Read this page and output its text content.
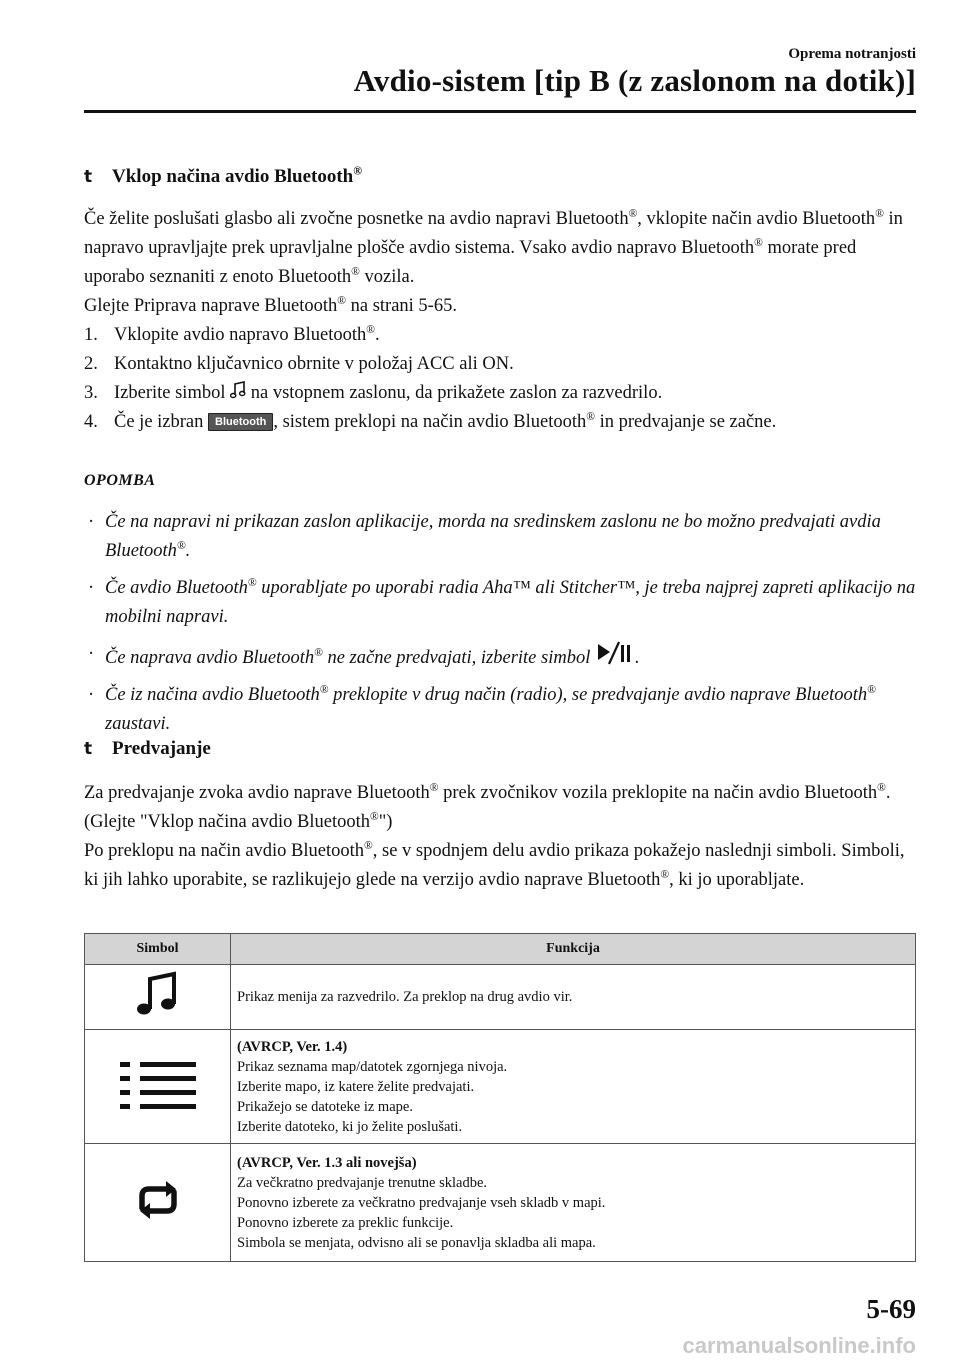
Oprema notranjosti
Avdio-sistem [tip B (z zaslonom na dotik)]
t	Vklop načina avdio Bluetooth®

Če želite poslušati glasbo ali zvočne posnetke na avdio napravi Bluetooth®, vklopite način avdio Bluetooth® in napravo upravljajte prek upravljalne plošče avdio sistema. Vsako avdio napravo Bluetooth® morate pred uporabo seznaniti z enoto Bluetooth® vozila.

Glejte Priprava naprave Bluetooth® na strani 5-65.

1. Vklopite avdio napravo Bluetooth®.
2. Kontaktno ključavnico obrnite v položaj ACC ali ON.
3. Izberite simbol  na vstopnem zaslonu, da prikažete zaslon za razvedrilo.
4. Če je izbran Bluetooth , sistem preklopi na način avdio Bluetooth® in predvajanje se začne.
OPOMBA
· Če na napravi ni prikazan zaslon aplikacije, morda na sredinskem zaslonu ne bo možno predvajati avdia Bluetooth®.
· Če avdio Bluetooth® uporabljate po uporabi radia Aha™ ali Stitcher™, je treba najprej zapreti aplikacijo na mobilni napravi.
· Če naprava avdio Bluetooth® ne začne predvajati, izberite simbol .
· Če iz načina avdio Bluetooth® preklopite v drug način (radio), se predvajanje avdio naprave Bluetooth® zaustavi.
t	Predvajanje

Za predvajanje zvoka avdio naprave Bluetooth® prek zvočnikov vozila preklopite na način avdio Bluetooth®. (Glejte "Vklop načina avdio Bluetooth®")

Po preklopu na način avdio Bluetooth®, se v spodnjem delu avdio prikaza pokažejo naslednji simboli. Simboli, ki jih lahko uporabite, se razlikujejo glede na verzijo avdio naprave Bluetooth®, ki jo uporabljate.

Simbol	Funkcija

Prikaz menija za razvedrilo. Za preklop na drug avdio vir.

(AVRCP, Ver. 1.4)
Prikaz seznama map/datotek zgornjega nivoja.
Izberite mapo, iz katere želite predvajati.
Prikažejo se datoteke iz mape.
Izberite datoteko, ki jo želite poslušati.

(AVRCP, Ver. 1.3 ali novejša)
Za večkratno predvajanje trenutne skladbe.
Ponovno izberete za večkratno predvajanje vseh skladb v mapi.
Ponovno izberete za preklic funkcije.
Simbola se menjata, odvisno ali se ponavlja skladba ali mapa.
5-69
carmanualsonline.info
